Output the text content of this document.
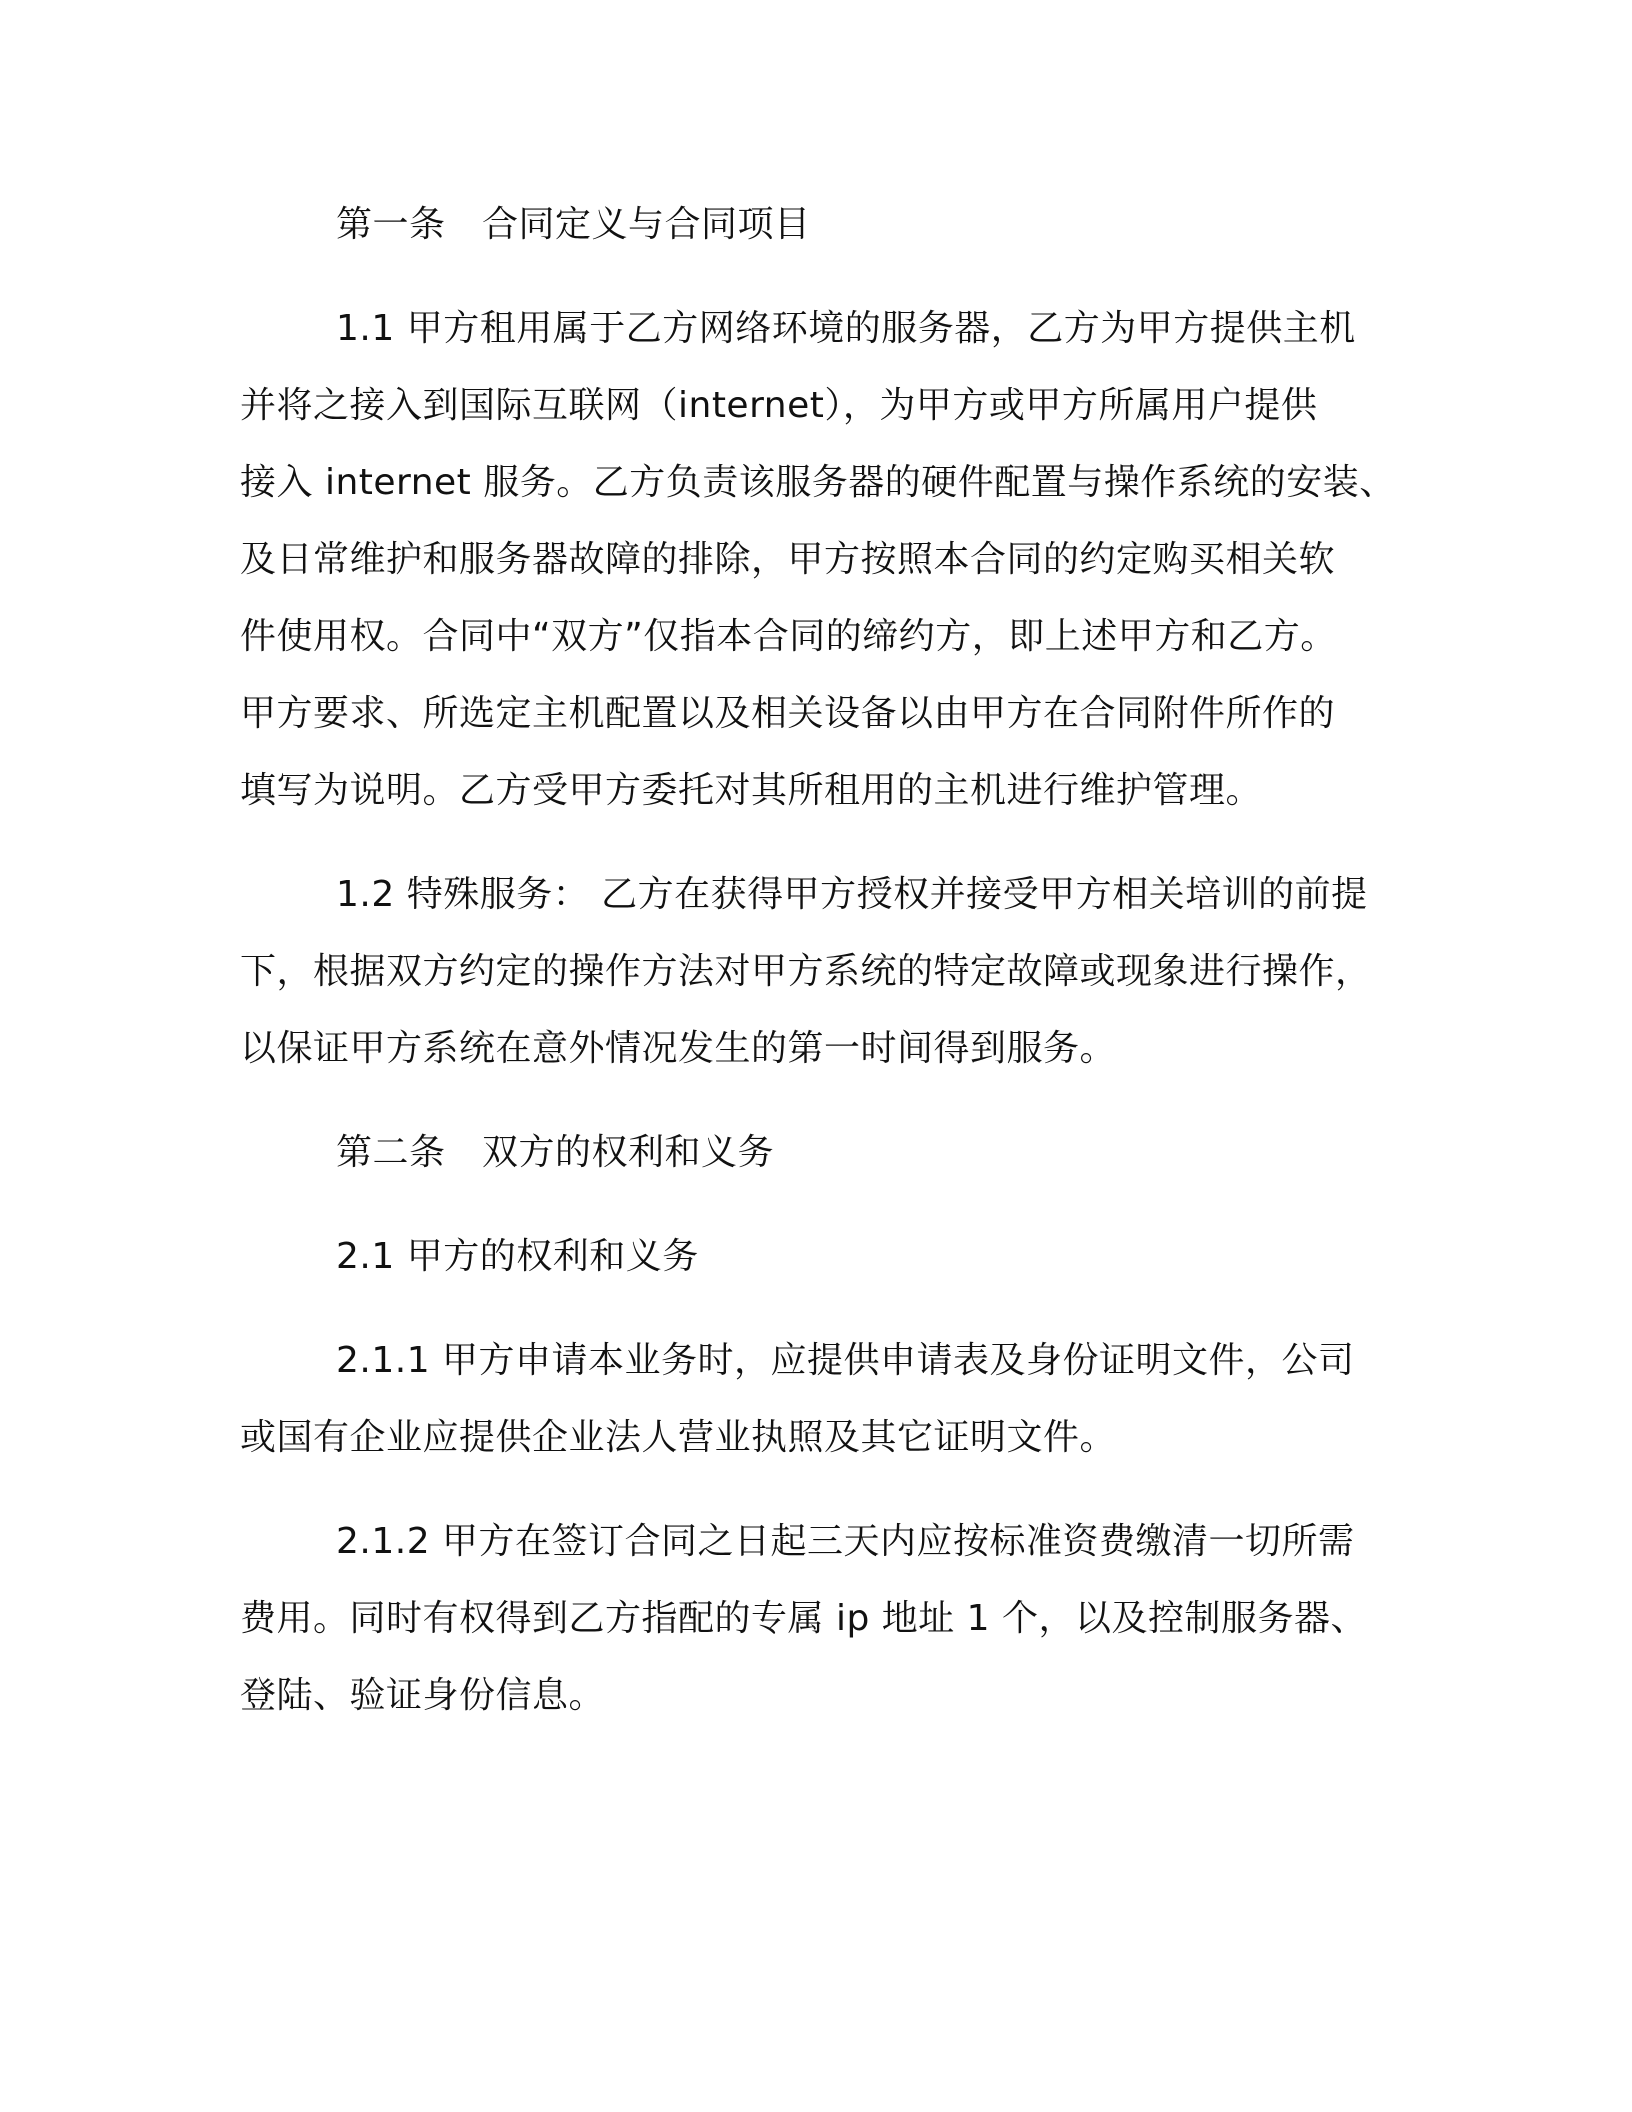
第一条　合同定义与合同项目

1.1 甲方租用属于乙方网络环境的服务器，乙方为甲方提供主机
并将之接入到国际互联网（internet），为甲方或甲方所属用户提供
接入 internet 服务。乙方负责该服务器的硬件配置与操作系统的安装、
及日常维护和服务器故障的排除，甲方按照本合同的约定购买相关软
件使用权。合同中“双方”仅指本合同的缔约方，即上述甲方和乙方。
甲方要求、所选定主机配置以及相关设备以由甲方在合同附件所作的
填写为说明。乙方受甲方委托对其所租用的主机进行维护管理。

1.2 特殊服务： 乙方在获得甲方授权并接受甲方相关培训的前提
下，根据双方约定的操作方法对甲方系统的特定故障或现象进行操作，
以保证甲方系统在意外情况发生的第一时间得到服务。

第二条　双方的权利和义务

2.1 甲方的权利和义务

2.1.1 甲方申请本业务时，应提供申请表及身份证明文件，公司
或国有企业应提供企业法人营业执照及其它证明文件。

2.1.2 甲方在签订合同之日起三天内应按标准资费缴清一切所需
费用。同时有权得到乙方指配的专属 ip 地址 1 个，以及控制服务器、
登陆、验证身份信息。
